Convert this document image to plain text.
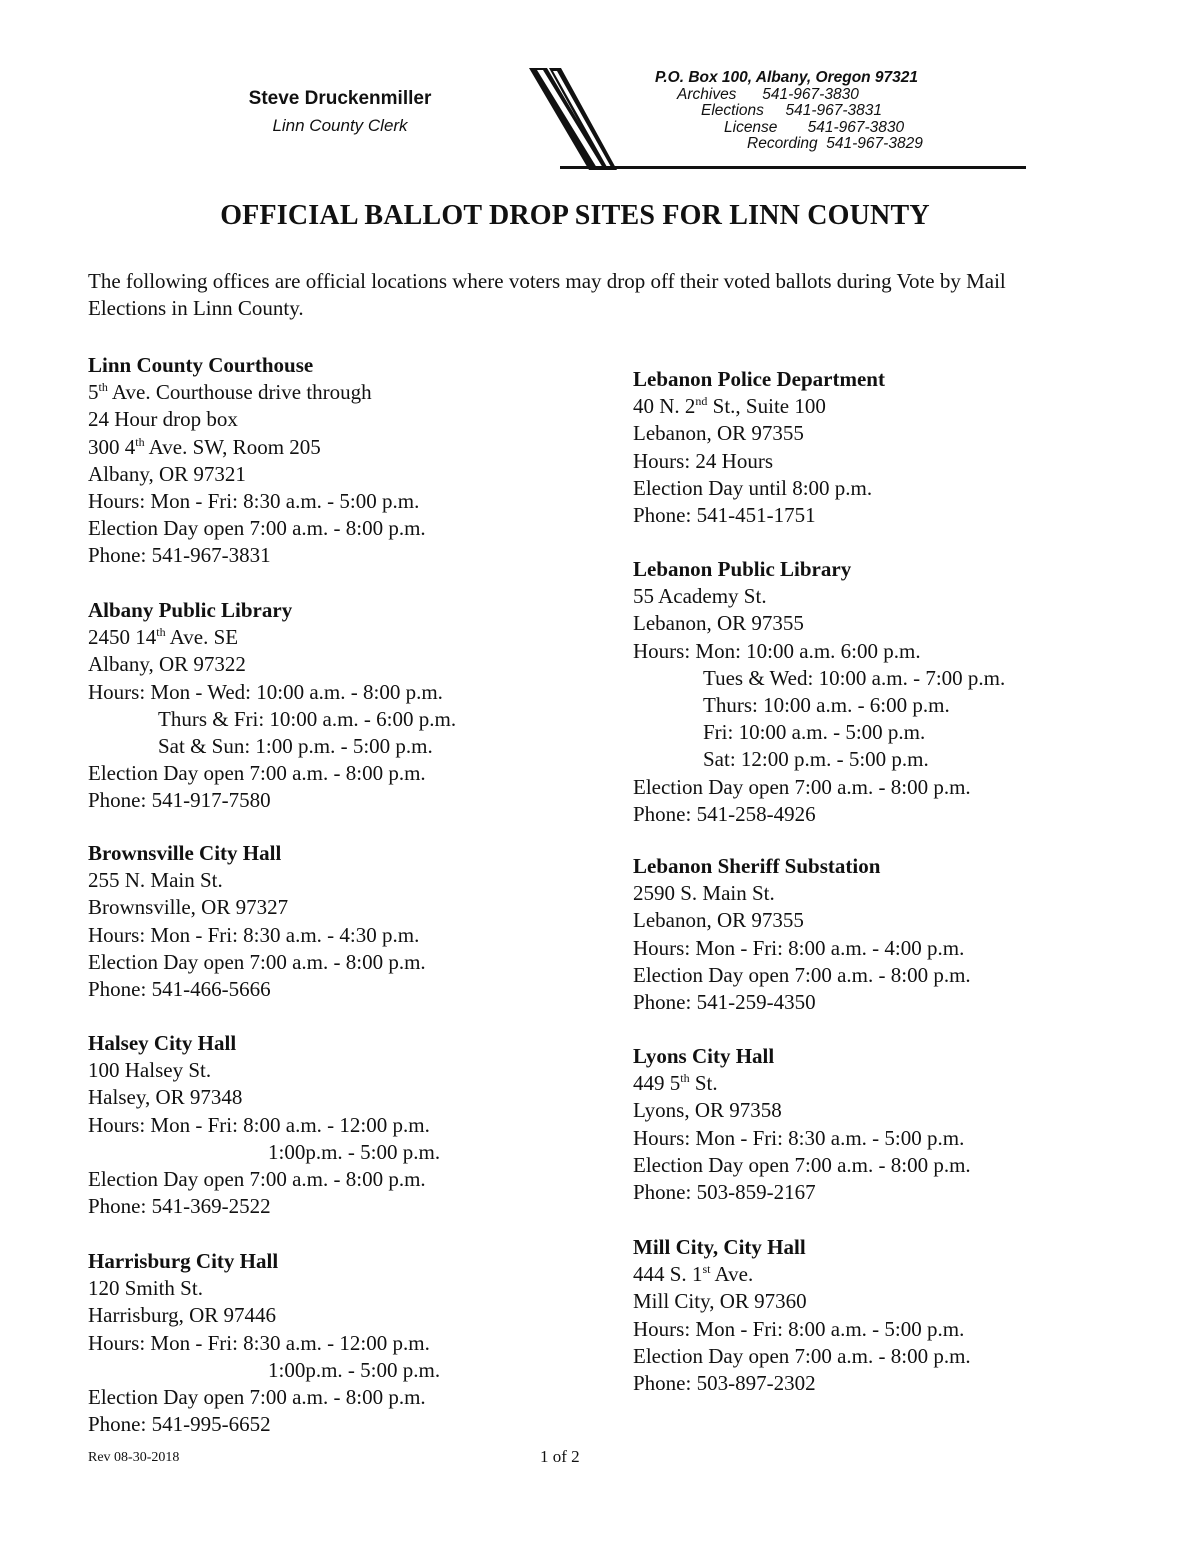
Steve Druckenmiller
Linn County Clerk
P.O. Box 100, Albany, Oregon 97321
Archives 541-967-3830
Elections 541-967-3831
License 541-967-3830
Recording 541-967-3829
OFFICIAL BALLOT DROP SITES FOR LINN COUNTY
The following offices are official locations where voters may drop off their voted ballots during Vote by Mail Elections in Linn County.
Linn County Courthouse
5th Ave. Courthouse drive through
24 Hour drop box
300 4th Ave. SW, Room 205
Albany, OR 97321
Hours: Mon - Fri: 8:30 a.m. - 5:00 p.m.
Election Day open 7:00 a.m. - 8:00 p.m.
Phone: 541-967-3831
Albany Public Library
2450 14th Ave. SE
Albany, OR 97322
Hours: Mon - Wed: 10:00 a.m. - 8:00 p.m.
Thurs & Fri: 10:00 a.m. - 6:00 p.m.
Sat & Sun: 1:00 p.m. - 5:00 p.m.
Election Day open 7:00 a.m. - 8:00 p.m.
Phone: 541-917-7580
Brownsville City Hall
255 N. Main St.
Brownsville, OR 97327
Hours: Mon - Fri: 8:30 a.m. - 4:30 p.m.
Election Day open 7:00 a.m. - 8:00 p.m.
Phone: 541-466-5666
Halsey City Hall
100 Halsey St.
Halsey, OR 97348
Hours: Mon - Fri: 8:00 a.m. - 12:00 p.m.
1:00p.m. - 5:00 p.m.
Election Day open 7:00 a.m. - 8:00 p.m.
Phone: 541-369-2522
Harrisburg City Hall
120 Smith St.
Harrisburg, OR 97446
Hours: Mon - Fri: 8:30 a.m. - 12:00 p.m.
1:00p.m. - 5:00 p.m.
Election Day open 7:00 a.m. - 8:00 p.m.
Phone: 541-995-6652
Lebanon Police Department
40 N. 2nd St., Suite 100
Lebanon, OR 97355
Hours: 24 Hours
Election Day until 8:00 p.m.
Phone: 541-451-1751
Lebanon Public Library
55 Academy St.
Lebanon, OR 97355
Hours: Mon: 10:00 a.m. 6:00 p.m.
Tues & Wed: 10:00 a.m. - 7:00 p.m.
Thurs: 10:00 a.m. - 6:00 p.m.
Fri: 10:00 a.m. - 5:00 p.m.
Sat: 12:00 p.m. - 5:00 p.m.
Election Day open 7:00 a.m. - 8:00 p.m.
Phone: 541-258-4926
Lebanon Sheriff Substation
2590 S. Main St.
Lebanon, OR 97355
Hours: Mon - Fri: 8:00 a.m. - 4:00 p.m.
Election Day open 7:00 a.m. - 8:00 p.m.
Phone: 541-259-4350
Lyons City Hall
449 5th St.
Lyons, OR 97358
Hours: Mon - Fri: 8:30 a.m. - 5:00 p.m.
Election Day open 7:00 a.m. - 8:00 p.m.
Phone: 503-859-2167
Mill City, City Hall
444 S. 1st Ave.
Mill City, OR 97360
Hours: Mon - Fri: 8:00 a.m. - 5:00 p.m.
Election Day open 7:00 a.m. - 8:00 p.m.
Phone: 503-897-2302
Rev 08-30-2018	1 of 2
